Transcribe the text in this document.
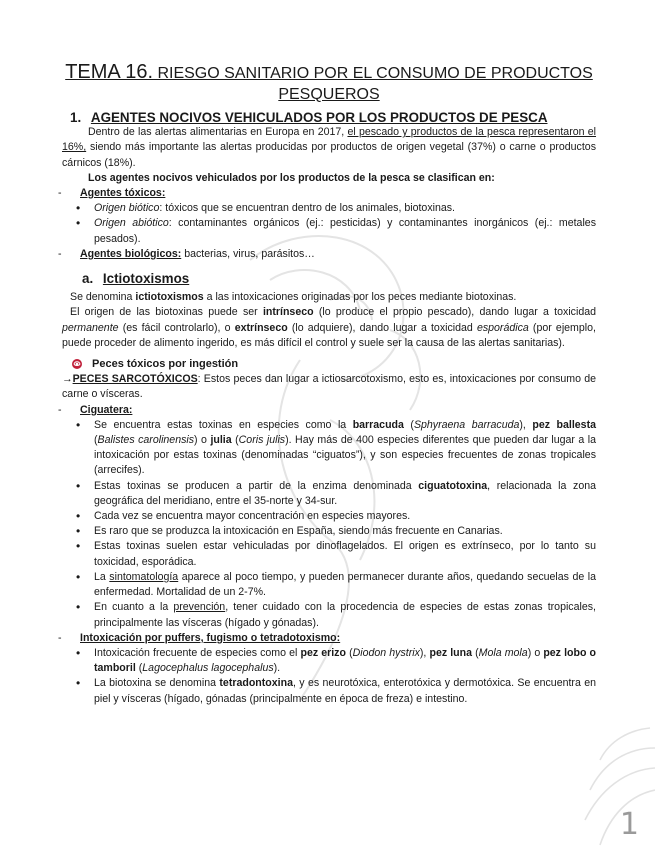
TEMA 16. RIESGO SANITARIO POR EL CONSUMO DE PRODUCTOS PESQUEROS
1. AGENTES NOCIVOS VEHICULADOS POR LOS PRODUCTOS DE PESCA

Dentro de las alertas alimentarias en Europa en 2017, el pescado y productos de la pesca representaron el 16%, siendo más importante las alertas producidas por productos de origen vegetal (37%) o carne o productos cárnicos (18%).

Los agentes nocivos vehiculados por los productos de la pesca se clasifican en:

- Agentes tóxicos:
• Origen biótico: tóxicos que se encuentran dentro de los animales, biotoxinas.
• Origen abiótico: contaminantes orgánicos (ej.: pesticidas) y contaminantes inorgánicos (ej.: metales pesados).
- Agentes biológicos: bacterias, virus, parásitos…
a. Ictiotoxismos

Se denomina ictiotoxismos a las intoxicaciones originadas por los peces mediante biotoxinas.

El origen de las biotoxinas puede ser intrínseco (lo produce el propio pescado), dando lugar a toxicidad permanente (es fácil controlarlo), o extrínseco (lo adquiere), dando lugar a toxicidad esporádica (por ejemplo, puede proceder de alimento ingerido, es más difícil el control y suele ser la causa de las alertas sanitarias).

Peces tóxicos por ingestión

→PECES SARCOTÓXICOS: Estos peces dan lugar a ictiosarcotoxismo, esto es, intoxicaciones por consumo de carne o vísceras.

- Ciguatera:
• Se encuentra estas toxinas en especies como la barracuda (Sphyraena barracuda), pez ballesta (Balistes carolinensis) o julia (Coris julis). Hay más de 400 especies diferentes que pueden dar lugar a la intoxicación por estas toxinas (denominadas “ciguatos”), y son especies frecuentes de zonas tropicales (arrecifes).
• Estas toxinas se producen a partir de la enzima denominada ciguatotoxina, relacionada la zona geográfica del meridiano, entre el 35-norte y 34-sur.
• Cada vez se encuentra mayor concentración en especies mayores.
• Es raro que se produzca la intoxicación en España, siendo más frecuente en Canarias.
• Estas toxinas suelen estar vehiculadas por dinoflagelados. El origen es extrínseco, por lo tanto su toxicidad, esporádica.
• La sintomatología aparece al poco tiempo, y pueden permanecer durante años, quedando secuelas de la enfermedad. Mortalidad de un 2-7%.
• En cuanto a la prevención, tener cuidado con la procedencia de especies de estas zonas tropicales, principalmente las vísceras (hígado y gónadas).
- Intoxicación por puffers, fugismo o tetradotoxismo:
• Intoxicación frecuente de especies como el pez erizo (Diodon hystrix), pez luna (Mola mola) o pez lobo o tamboril (Lagocephalus lagocephalus).
• La biotoxina se denomina tetradontoxina, y es neurotóxica, enterotóxica y dermotóxica. Se encuentra en piel y vísceras (hígado, gónadas (principalmente en época de freza) e intestino.
1
